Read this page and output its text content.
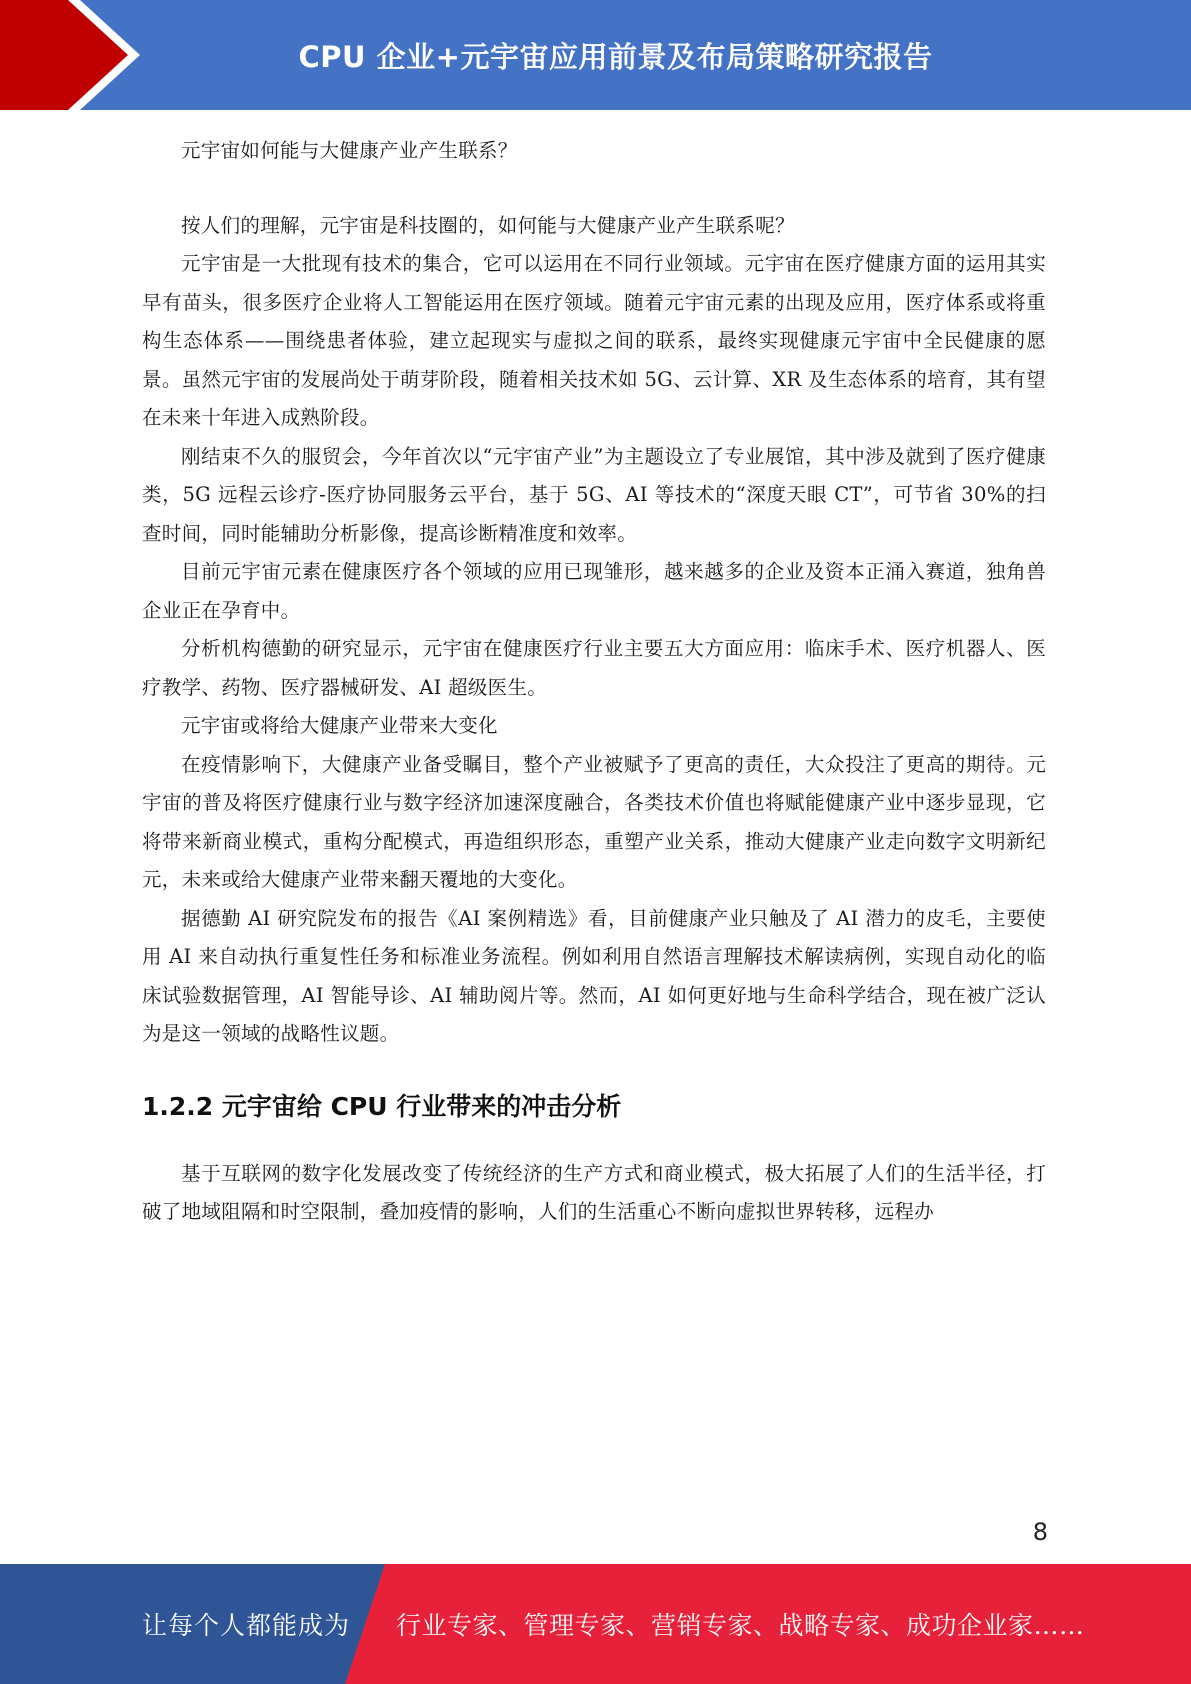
CPU 企业+元宇宙应用前景及布局策略研究报告

元宇宙如何能与大健康产业产生联系？

按人们的理解，元宇宙是科技圈的，如何能与大健康产业产生联系呢？

元宇宙是一大批现有技术的集合，它可以运用在不同行业领域。元宇宙在医疗健康方面的运用其实早有苗头，很多医疗企业将人工智能运用在医疗领域。随着元宇宙元素的出现及应用，医疗体系或将重构生态体系——围绕患者体验，建立起现实与虚拟之间的联系，最终实现健康元宇宙中全民健康的愿景。虽然元宇宙的发展尚处于萌芽阶段，随着相关技术如 5G、云计算、XR 及生态体系的培育，其有望在未来十年进入成熟阶段。

刚结束不久的服贸会，今年首次以“元宇宙产业”为主题设立了专业展馆，其中涉及就到了医疗健康类，5G 远程云诊疗-医疗协同服务云平台，基于 5G、AI 等技术的“深度天眼 CT”，可节省 30%的扫查时间，同时能辅助分析影像，提高诊断精准度和效率。

目前元宇宙元素在健康医疗各个领域的应用已现雏形，越来越多的企业及资本正涌入赛道，独角兽企业正在孕育中。

分析机构德勤的研究显示，元宇宙在健康医疗行业主要五大方面应用：临床手术、医疗机器人、医疗教学、药物、医疗器械研发、AI 超级医生。

元宇宙或将给大健康产业带来大变化

在疫情影响下，大健康产业备受瞩目，整个产业被赋予了更高的责任，大众投注了更高的期待。元宇宙的普及将医疗健康行业与数字经济加速深度融合，各类技术价值也将赋能健康产业中逐步显现，它将带来新商业模式，重构分配模式，再造组织形态，重塑产业关系，推动大健康产业走向数字文明新纪元，未来或给大健康产业带来翻天覆地的大变化。

据德勤 AI 研究院发布的报告《AI 案例精选》看，目前健康产业只触及了 AI 潜力的皮毛，主要使用 AI 来自动执行重复性任务和标准业务流程。例如利用自然语言理解技术解读病例，实现自动化的临床试验数据管理，AI 智能导诊、AI 辅助阅片等。然而，AI 如何更好地与生命科学结合，现在被广泛认为是这一领域的战略性议题。

1.2.2 元宇宙给 CPU 行业带来的冲击分析

基于互联网的数字化发展改变了传统经济的生产方式和商业模式，极大拓展了人们的生活半径，打破了地域阻隔和时空限制，叠加疫情的影响，人们的生活重心不断向虚拟世界转移，远程办

8
让每个人都能成为 行业专家、管理专家、营销专家、战略专家、成功企业家……
